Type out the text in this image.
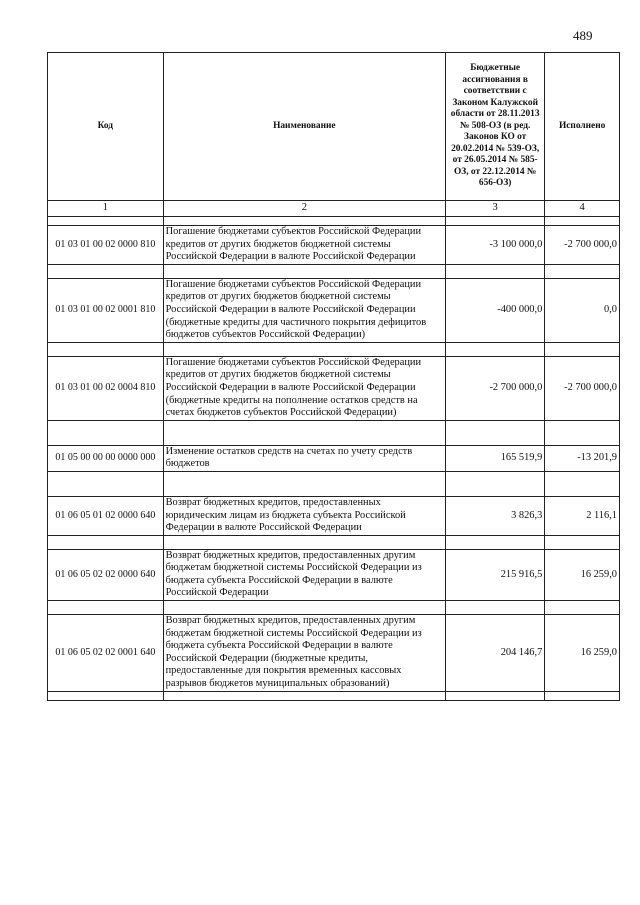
489
Код	Наименование	Бюджетные ассигнования в соответствии с Законом Калужской области от 28.11.2013 № 508-ОЗ (в ред. Законов КО от 20.02.2014 № 539-ОЗ, от 26.05.2014 № 585-ОЗ, от 22.12.2014 № 656-ОЗ)	Исполнено
1	2	3	4

01 03 01 00 02 0000 810	Погашение бюджетами субъектов Российской Федерации кредитов от других бюджетов бюджетной системы Российской Федерации в валюте Российской Федерации	-3 100 000,0	-2 700 000,0

01 03 01 00 02 0001 810	Погашение бюджетами субъектов Российской Федерации кредитов от других бюджетов бюджетной системы Российской Федерации в валюте Российской Федерации (бюджетные кредиты для частичного покрытия дефицитов бюджетов субъектов Российской Федерации)	-400 000,0	0,0

01 03 01 00 02 0004 810	Погашение бюджетами субъектов Российской Федерации кредитов от других бюджетов бюджетной системы Российской Федерации в валюте Российской Федерации (бюджетные кредиты на пополнение остатков средств на счетах бюджетов субъектов Российской Федерации)	-2 700 000,0	-2 700 000,0

01 05 00 00 00 0000 000	Изменение остатков средств на счетах по учету средств бюджетов	165 519,9	-13 201,9

01 06 05 01 02 0000 640	Возврат бюджетных кредитов, предоставленных юридическим лицам из бюджета субъекта Российской Федерации в валюте Российской Федерации	3 826,3	2 116,1

01 06 05 02 02 0000 640	Возврат бюджетных кредитов, предоставленных другим бюджетам бюджетной системы Российской Федерации из бюджета субъекта Российской Федерации в валюте Российской Федерации	215 916,5	16 259,0

01 06 05 02 02 0001 640	Возврат бюджетных кредитов, предоставленных другим бюджетам бюджетной системы Российской Федерации из бюджета субъекта Российской Федерации в валюте Российской Федерации (бюджетные кредиты, предоставленные для покрытия временных кассовых разрывов бюджетов муниципальных образований)	204 146,7	16 259,0
